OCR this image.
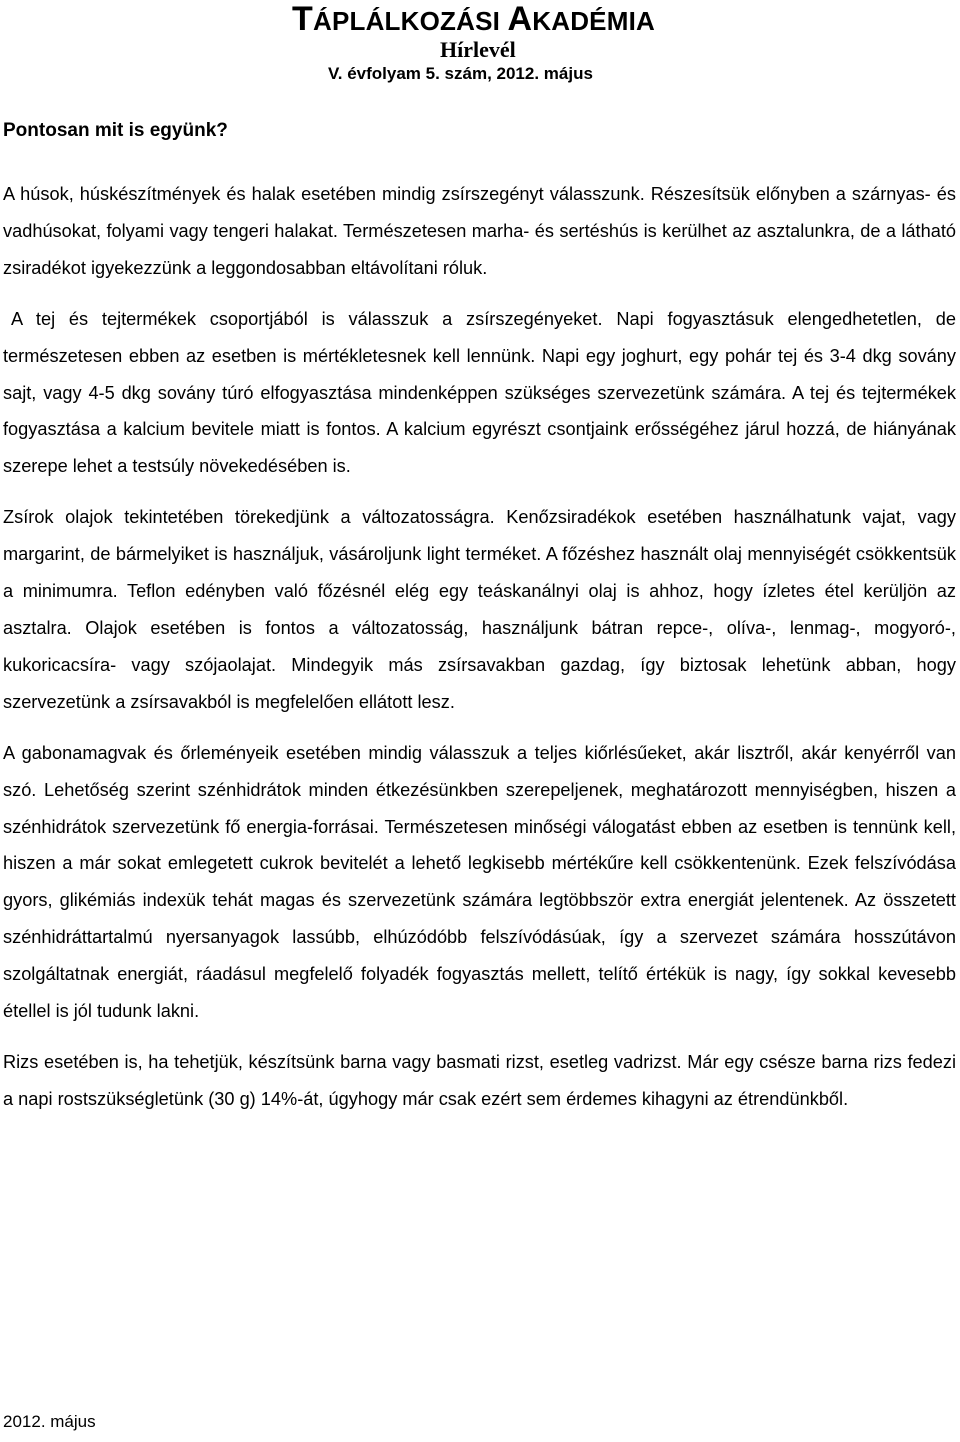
TÁPLÁLKOZÁSI AKADÉMIA

Hírlevél

V. évfolyam 5. szám, 2012. május

Pontosan mit is együnk?

A húsok, húskészítmények és halak esetében mindig zsírszegényt válasszunk. Részesítsük előnyben a szárnyas- és vadhúsokat, folyami vagy tengeri halakat. Természetesen marha- és sertéshús is kerülhet az asztalunkra, de a látható zsiradékot igyekezzünk a leggondosabban eltávolítani róluk.

A tej és tejtermékek csoportjából is válasszuk a zsírszegényeket. Napi fogyasztásuk elengedhetetlen, de természetesen ebben az esetben is mértékletesnek kell lennünk. Napi egy joghurt, egy pohár tej és 3-4 dkg sovány sajt, vagy 4-5 dkg sovány túró elfogyasztása mindenképpen szükséges szervezetünk számára. A tej és tejtermékek fogyasztása a kalcium bevitele miatt is fontos. A kalcium egyrészt csontjaink erősségéhez járul hozzá, de hiányának szerepe lehet a testsúly növekedésében is.

Zsírok olajok tekintetében törekedjünk a változatosságra. Kenőzsiradékok esetében használhatunk vajat, vagy margarint, de bármelyiket is használjuk, vásároljunk light terméket. A főzéshez használt olaj mennyiségét csökkentsük a minimumra. Teflon edényben való főzésnél elég egy teáskanálnyi olaj is ahhoz, hogy ízletes étel kerüljön az asztalra. Olajok esetében is fontos a változatosság, használjunk bátran repce-, olíva-, lenmag-, mogyoró-, kukoricacsíra- vagy szójaolajat. Mindegyik más zsírsavakban gazdag, így biztosak lehetünk abban, hogy szervezetünk a zsírsavakból is megfelelően ellátott lesz.

A gabonamagvak és őrleményeik esetében mindig válasszuk a teljes kiőrlésűeket, akár lisztről, akár kenyérről van szó. Lehetőség szerint szénhidrátok minden étkezésünkben szerepeljenek, meghatározott mennyiségben, hiszen a szénhidrátok szervezetünk fő energia-forrásai. Természetesen minőségi válogatást ebben az esetben is tennünk kell, hiszen a már sokat emlegetett cukrok bevitelét a lehető legkisebb mértékűre kell csökkentenünk. Ezek felszívódása gyors, glikémiás indexük tehát magas és szervezetünk számára legtöbbször extra energiát jelentenek. Az összetett szénhidráttartalmú nyersanyagok lassúbb, elhúzódóbb felszívódásúak, így a szervezet számára hosszútávon szolgáltatnak energiát, ráadásul megfelelő folyadék fogyasztás mellett, telítő értékük is nagy, így sokkal kevesebb étellel is jól tudunk lakni.

Rizs esetében is, ha tehetjük, készítsünk barna vagy basmati rizst, esetleg vadrizst. Már egy csésze barna rizs fedezi a napi rostszükségletünk (30 g) 14%-át, úgyhogy már csak ezért sem érdemes kihagyni az étrendünkből.

2012. május
